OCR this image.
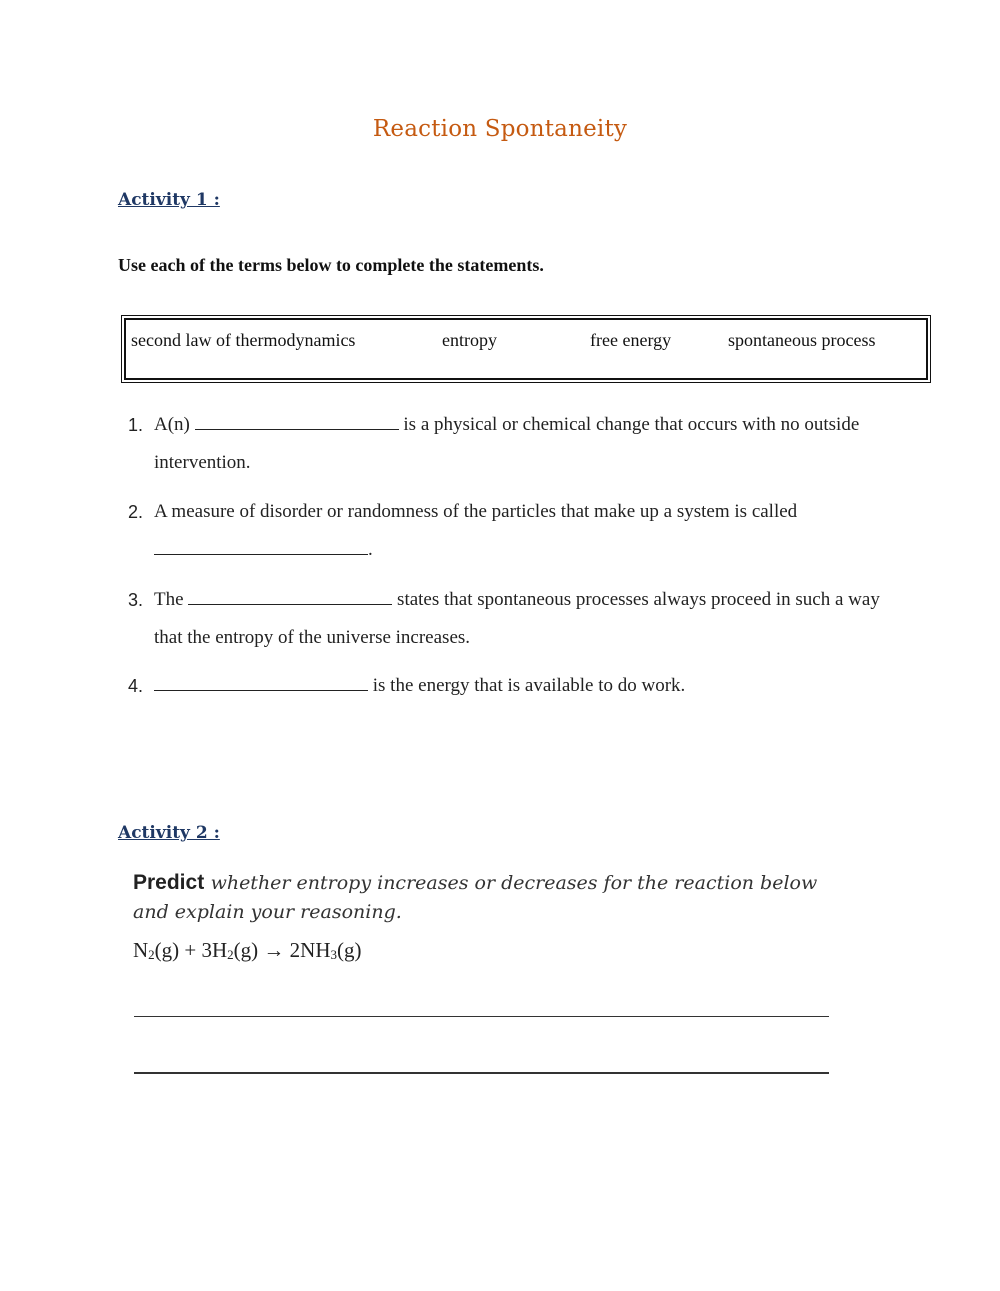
Reaction Spontaneity
Activity 1 :
Use each of the terms below to complete the statements.
second law of thermodynamics	entropy	free energy	spontaneous process
1. A(n)	is a physical or chemical change that occurs with no outside
intervention.
2. A measure of disorder or randomness of the particles that make up a system is called
.
3. The	states that spontaneous processes always proceed in such a way
that the entropy of the universe increases.
4.	is the energy that is available to do work.
Activity 2 :
Predict whether entropy increases or decreases for the reaction below
and explain your reasoning.
$N_2(g) + 3H_2(g) \to 2NH_3(g)$
